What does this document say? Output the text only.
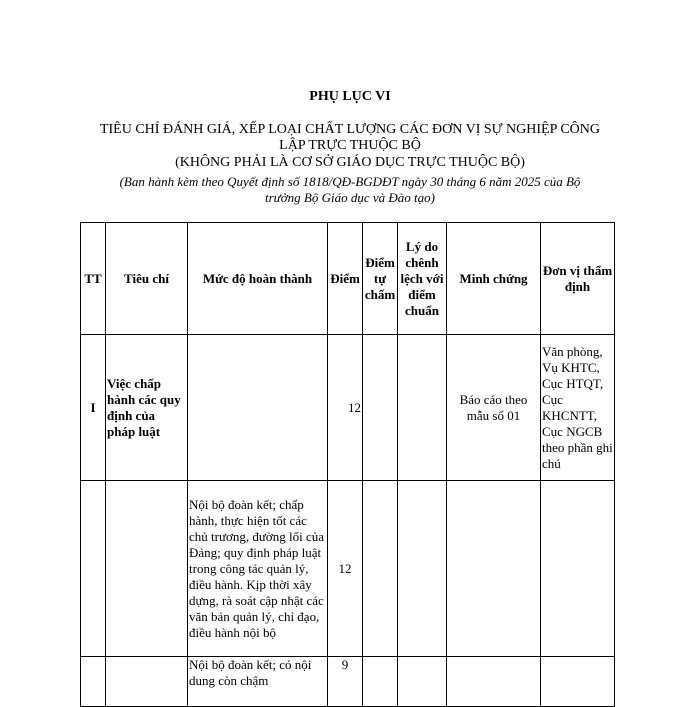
PHỤ LỤC VI
TIÊU CHÍ ĐÁNH GIÁ, XẾP LOẠI CHẤT LƯỢNG CÁC ĐƠN VỊ SỰ NGHIỆP CÔNG
LẬP TRỰC THUỘC BỘ
(KHÔNG PHẢI LÀ CƠ SỞ GIÁO DỤC TRỰC THUỘC BỘ)
(Ban hành kèm theo Quyết định số 1818/QĐ-BGDĐT ngày 30 tháng 6 năm 2025 của Bộ
trưởng Bộ Giáo dục và Đào tạo)
TT	Tiêu chí	Mức độ hoàn thành	Điểm	Điểm tự chấm	Lý do chênh lệch với điểm chuẩn	Minh chứng	Đơn vị thẩm định
I	Việc chấp hành các quy định của pháp luật		12			Báo cáo theo mẫu số 01	Văn phòng, Vụ KHTC, Cục HTQT, Cục KHCNTT, Cục NGCB theo phần ghi chú
		Nội bộ đoàn kết; chấp hành, thực hiện tốt các chủ trương, đường lối của Đảng; quy định pháp luật trong công tác quản lý, điều hành. Kịp thời xây dựng, rà soát cập nhật các văn bản quản lý, chỉ đạo, điều hành nội bộ	12				
		Nội bộ đoàn kết; có nội dung còn chậm	9				
